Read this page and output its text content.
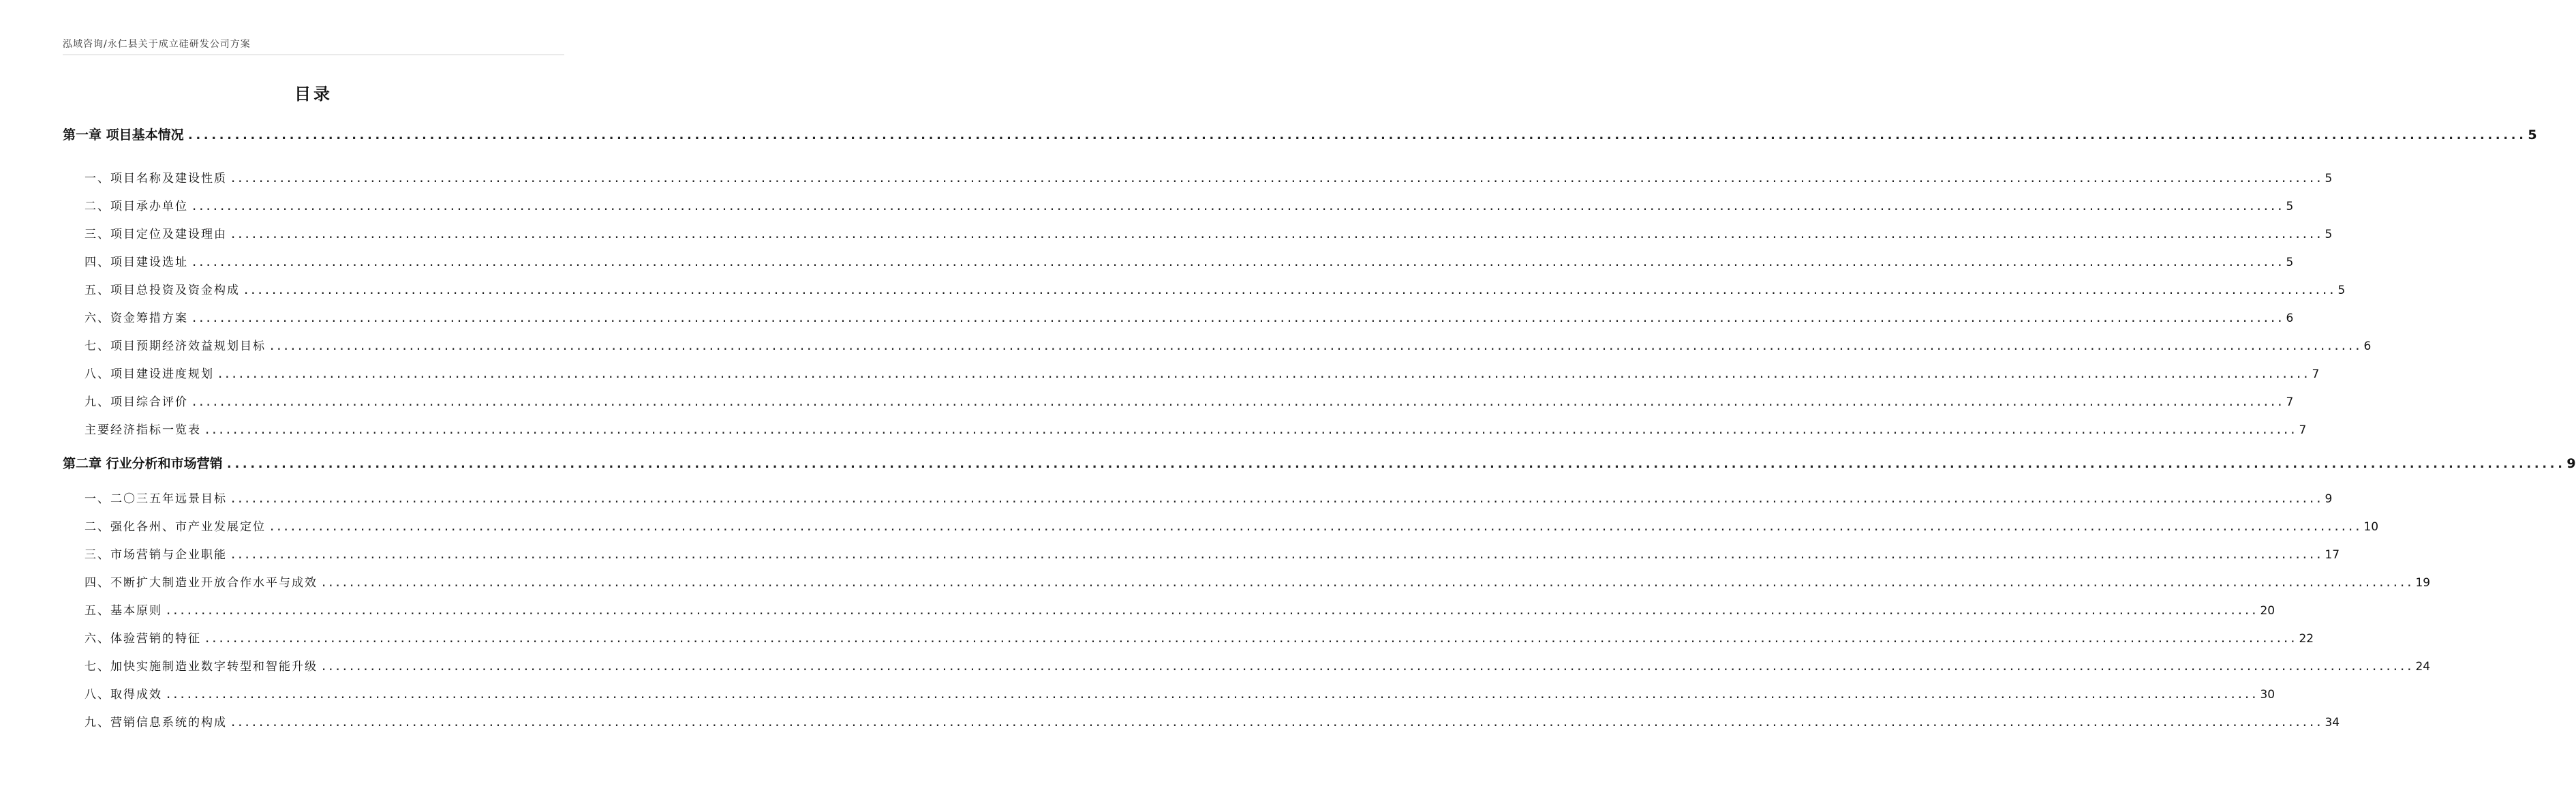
泓域咨询/永仁县关于成立硅研发公司方案
目录
第一章 项目基本情况 ............................................................................................................................................................................................................................................................................................................ 5
一、 项目名称及建设性质 ............................................................................................................................................................................................................................................................................................................ 5
二、 项目承办单位 ............................................................................................................................................................................................................................................................................................................ 5
三、 项目定位及建设理由 ............................................................................................................................................................................................................................................................................................................ 5
四、 项目建设选址 ............................................................................................................................................................................................................................................................................................................ 5
五、 项目总投资及资金构成 ............................................................................................................................................................................................................................................................................................................ 5
六、 资金筹措方案 ............................................................................................................................................................................................................................................................................................................ 6
七、 项目预期经济效益规划目标 ............................................................................................................................................................................................................................................................................................................ 6
八、 项目建设进度规划 ............................................................................................................................................................................................................................................................................................................ 7
九、 项目综合评价 ............................................................................................................................................................................................................................................................................................................ 7
主要经济指标一览表 ............................................................................................................................................................................................................................................................................................................ 7
第二章 行业分析和市场营销 ............................................................................................................................................................................................................................................................................................................ 9
一、 二〇三五年远景目标 ............................................................................................................................................................................................................................................................................................................ 9
二、 强化各州、市产业发展定位 ............................................................................................................................................................................................................................................................................................................ 10
三、 市场营销与企业职能 ............................................................................................................................................................................................................................................................................................................ 17
四、 不断扩大制造业开放合作水平与成效 ............................................................................................................................................................................................................................................................................................................ 19
五、 基本原则 ............................................................................................................................................................................................................................................................................................................ 20
六、 体验营销的特征 ............................................................................................................................................................................................................................................................................................................ 22
七、 加快实施制造业数字转型和智能升级 ............................................................................................................................................................................................................................................................................................................ 24
八、 取得成效 ............................................................................................................................................................................................................................................................................................................ 30
九、 营销信息系统的构成 ............................................................................................................................................................................................................................................................................................................ 34
